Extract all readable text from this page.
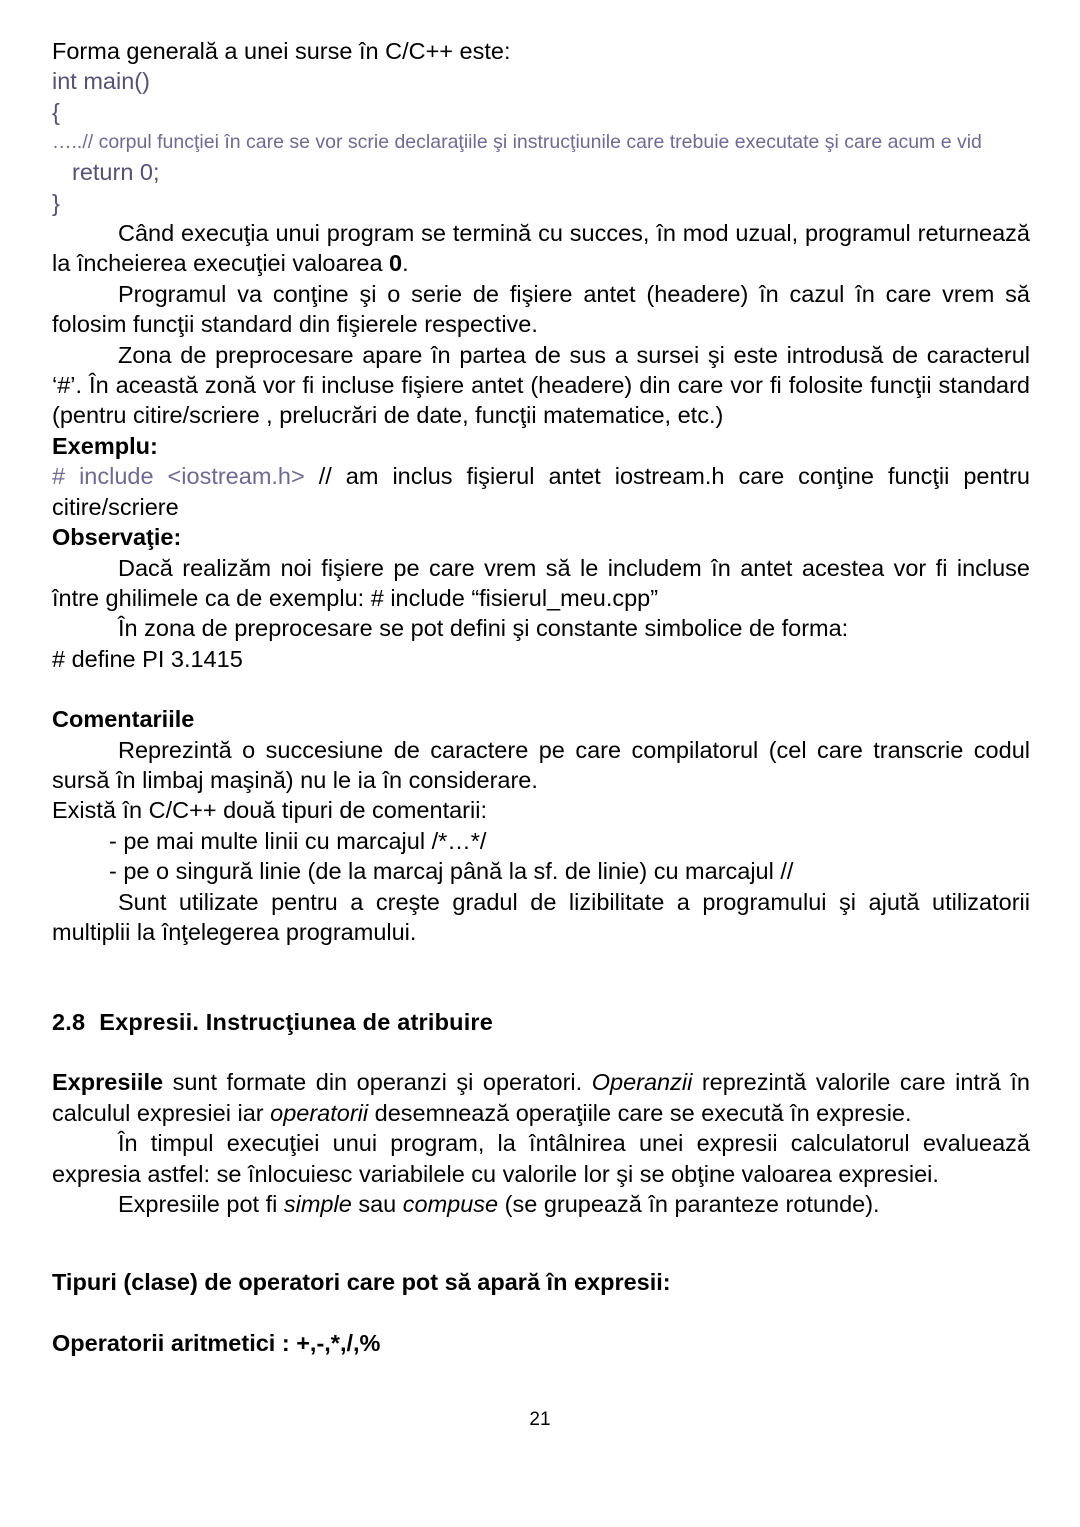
Forma generală a unei surse în C/C++ este:

int main()

{

…..// corpul funcţiei în care se vor scrie declaraţiile şi instrucţiunile care trebuie executate şi care acum e vid

return 0;

}

Când execuţia unui program se termină cu succes, în mod uzual, programul returnează la încheierea execuţiei valoarea 0.

Programul va conţine şi o serie de fişiere antet (headere) în cazul în care vrem să folosim funcţii standard din fişierele respective.

Zona de preprocesare apare în partea de sus a sursei şi este introdusă de caracterul ‘#’. În această zonă vor fi incluse fişiere antet (headere) din care vor fi folosite funcţii standard (pentru citire/scriere , prelucrări de date, funcţii matematice, etc.)

Exemplu:

# include <iostream.h> // am inclus fişierul antet iostream.h care conţine funcţii pentru citire/scriere

Observaţie:

Dacă realizăm noi fişiere pe care vrem să le includem în antet acestea vor fi incluse între ghilimele ca de exemplu: # include “fisierul_meu.cpp”

În zona de preprocesare se pot defini şi constante simbolice de forma:

# define PI 3.1415

Comentariile

Reprezintă o succesiune de caractere pe care compilatorul (cel care transcrie codul sursă în limbaj maşină) nu le ia în considerare.

Există în C/C++ două tipuri de comentarii:

- pe mai multe linii cu marcajul /*…*/

- pe o singură linie (de la marcaj până la sf. de linie) cu marcajul //

Sunt utilizate pentru a creşte gradul de lizibilitate a programului şi ajută utilizatorii multiplii la înţelegerea programului.

2.8 Expresii. Instrucţiunea de atribuire

Expresiile sunt formate din operanzi şi operatori. Operanzii reprezintă valorile care intră în calculul expresiei iar operatorii desemnează operaţiile care se execută în expresie.

În timpul execuţiei unui program, la întâlnirea unei expresii calculatorul evaluează expresia astfel: se înlocuiesc variabilele cu valorile lor şi se obţine valoarea expresiei.

Expresiile pot fi simple sau compuse (se grupează în paranteze rotunde).

Tipuri (clase) de operatori care pot să apară în expresii:

Operatorii aritmetici : +,-,*,/,%

21
